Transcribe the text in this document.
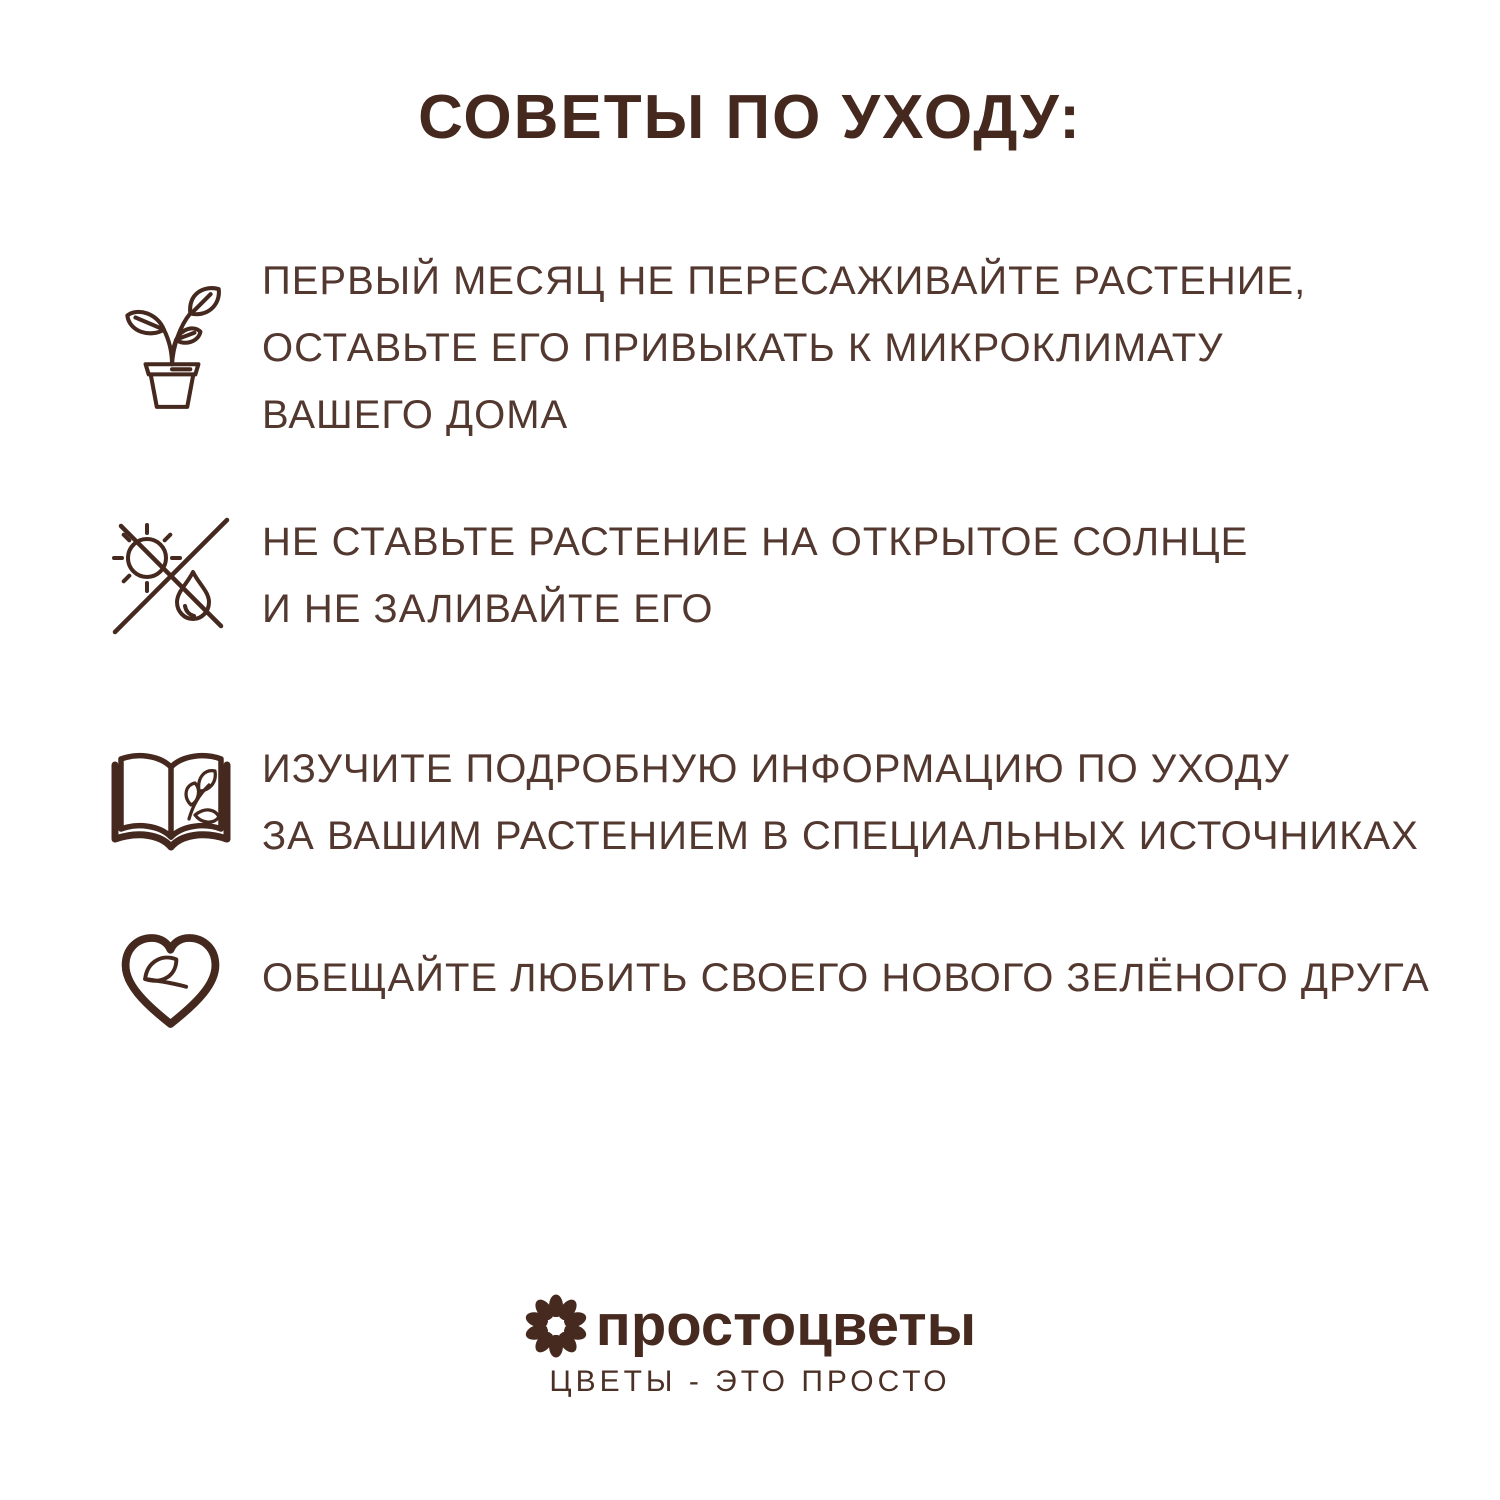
СОВЕТЫ ПО УХОДУ:
ПЕРВЫЙ МЕСЯЦ НЕ ПЕРЕСАЖИВАЙТЕ РАСТЕНИЕ,
ОСТАВЬТЕ ЕГО ПРИВЫКАТЬ К МИКРОКЛИМАТУ
ВАШЕГО ДОМА
НЕ СТАВЬТЕ РАСТЕНИЕ НА ОТКРЫТОЕ СОЛНЦЕ
И НЕ ЗАЛИВАЙТЕ ЕГО
ИЗУЧИТЕ ПОДРОБНУЮ ИНФОРМАЦИЮ ПО УХОДУ
ЗА ВАШИМ РАСТЕНИЕМ В СПЕЦИАЛЬНЫХ ИСТОЧНИКАХ
ОБЕЩАЙТЕ ЛЮБИТЬ СВОЕГО НОВОГО ЗЕЛЁНОГО ДРУГА
простоцветы
ЦВЕТЫ - ЭТО ПРОСТО
